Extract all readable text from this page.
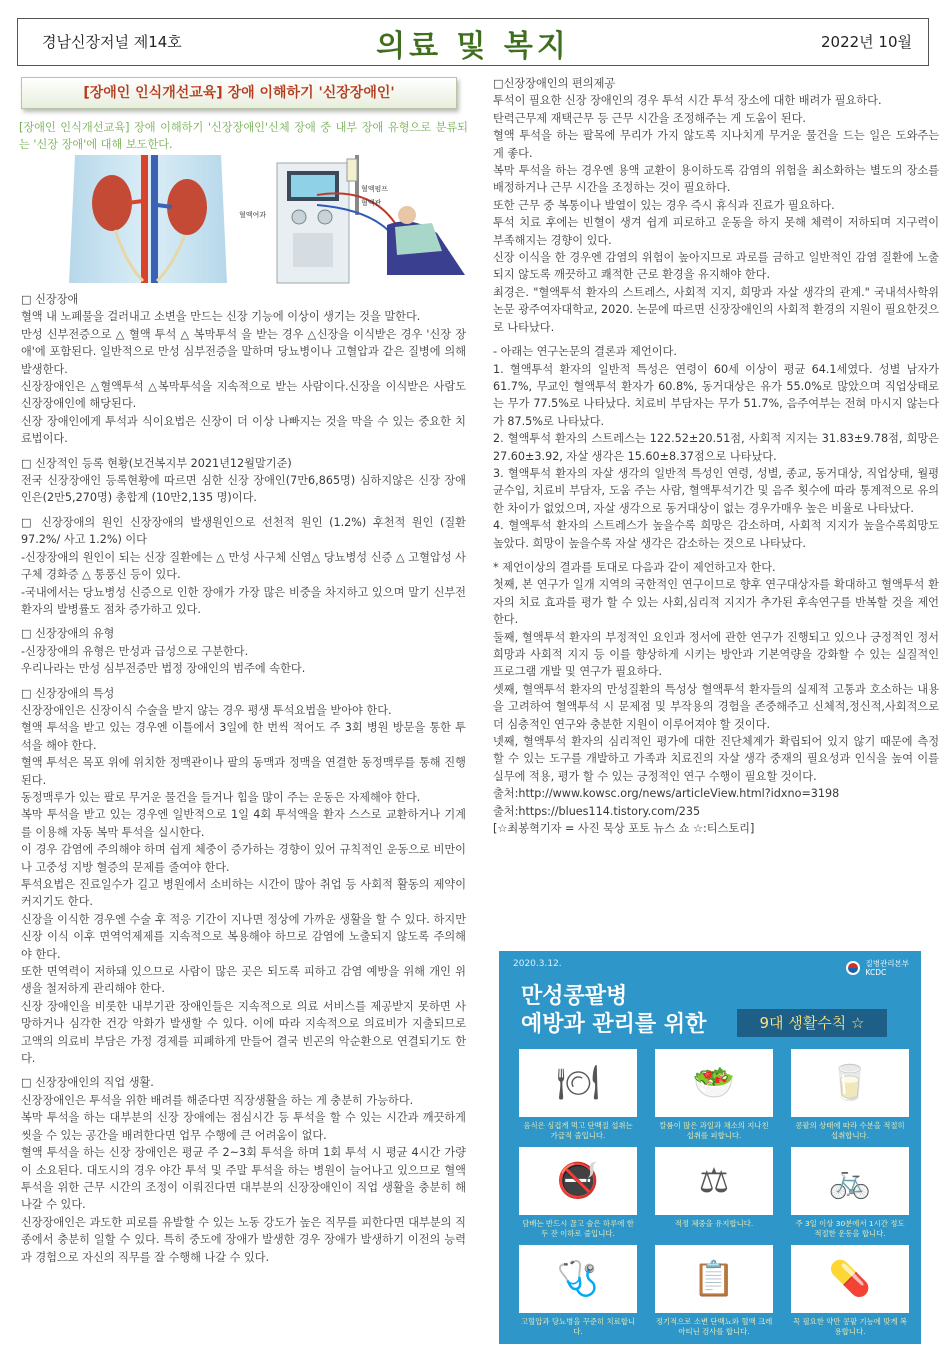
경남신장저널 제14호	의료 및 복지	2022년 10월
[장애인 인식개선교육] 장애 이해하기 '신장장애인'
[장애인 인식개선교육] 장애 이해하기 '신장장애인'신체 장애 중 내부 장애 유형으로 분류되는 '신장 장애'에 대해 보도한다.
혈액여과
혈액펌프
혈액관

□ 신장장애

혈액 내 노폐물을 걸러내고 소변을 만드는 신장 기능에 이상이 생기는 것을 말한다.

만성 신부전증으로 △ 혈액 투석 △ 복막투석 을 받는 경우 △신장을 이식받은 경우 '신장 장애'에 포함된다. 일반적으로 만성 심부전증을 말하며 당뇨병이나 고혈압과 같은 질병에 의해 발생한다.

신장장애인은 △혈액투석 △복막투석을 지속적으로 받는 사람이다.신장을 이식받은 사람도 신장장애인에 해당된다.

신장 장애인에게 투석과 식이요법은 신장이 더 이상 나빠지는 것을 막을 수 있는 중요한 치료법이다.

□ 신장적인 등록 현황(보건복지부 2021년12월말기준)

전국 신장장애인 등록현황에 따르면 심한 신장 장애인(7만6,865명) 심하지않은 신장 장애인은(2만5,270명) 총합계 (10만2,135 명)이다.

□ 신장장애의 원인 신장장애의 발생원인으로 선천적 원인 (1.2%) 후천적 원인 (질환97.2%/ 사고 1.2%) 이다

-신장장애의 원인이 되는 신장 질환에는 △ 만성 사구체 신염△ 당뇨병성 신증 △ 고혈압성 사구체 경화증 △ 통풍신 등이 있다.

-국내에서는 당뇨병성 신증으로 인한 장애가 가장 많은 비중을 차지하고 있으며 말기 신부전 환자의 발병률도 점차 증가하고 있다.

□ 신장장애의 유형

-신장장애의 유형은 만성과 급성으로 구분한다.

우리나라는 만성 심부전증만 법정 장애인의 범주에 속한다.

□ 신장장애의 특성

신장장애인은 신장이식 수술을 받지 않는 경우 평생 투석요법을 받아야 한다.

혈액 투석을 받고 있는 경우엔 이틀에서 3일에 한 번씩 적어도 주 3회 병원 방문을 통한 투석을 해야 한다.

혈액 투석은 목포 위에 위치한 정맥관이나 팔의 동맥과 정맥을 연결한 동정맥루를 통해 진행된다.

동정맥루가 있는 팔로 무거운 물건을 들거나 힘을 많이 주는 운동은 자제해야 한다.

복막 투석을 받고 있는 경우엔 일반적으로 1일 4회 투석액을 환자 스스로 교환하거나 기계를 이용해 자동 복막 투석을 실시한다.

이 경우 감염에 주의해야 하며 쉽게 체중이 증가하는 경향이 있어 규칙적인 운동으로 비만이나 고중성 지방 혈증의 문제를 줄여야 한다.

투석요법은 진료일수가 길고 병원에서 소비하는 시간이 많아 취업 등 사회적 활동의 제약이 커지기도 한다.

신장을 이식한 경우엔 수술 후 적응 기간이 지나면 정상에 가까운 생활을 할 수 있다. 하지만 신장 이식 이후 면역억제제를 지속적으로 복용해야 하므로 감염에 노출되지 않도록 주의해야 한다.

또한 면역력이 저하돼 있으므로 사람이 많은 곳은 되도록 피하고 감염 예방을 위해 개인 위생을 철저하게 관리해야 한다.

신장 장애인을 비롯한 내부기관 장애인들은 지속적으로 의료 서비스를 제공받지 못하면 사망하거나 심각한 건강 악화가 발생할 수 있다. 이에 따라 지속적으로 의료비가 지출되므로 고액의 의료비 부담은 가정 경제를 피폐하게 만들어 결국 빈곤의 악순환으로 연결되기도 한다.

□ 신장장애인의 직업 생활.

신장장애인은 투석을 위한 배려를 해준다면 직장생활을 하는 게 충분히 가능하다.

복막 투석을 하는 대부분의 신장 장애에는 점심시간 등 투석을 할 수 있는 시간과 깨끗하게 씻을 수 있는 공간을 배려한다면 업무 수행에 큰 어려움이 없다.

혈액 투석을 하는 신장 장애인은 평균 주 2~3회 투석을 하며 1회 투석 시 평균 4시간 가량이 소요된다. 대도시의 경우 야간 투석 및 주말 투석을 하는 병원이 늘어나고 있으므로 혈액 투석을 위한 근무 시간의 조정이 이뤄진다면 대부분의 신장장애인이 직업 생활을 충분히 해나갈 수 있다.

신장장애인은 과도한 피로를 유발할 수 있는 노동 강도가 높은 직무를 피한다면 대부분의 직종에서 충분히 일할 수 있다. 특히 중도에 장애가 발생한 경우 장애가 발생하기 이전의 능력과 경험으로 자신의 직무를 잘 수행해 나갈 수 있다.

□신장장애인의 편의제공

투석이 필요한 신장 장애인의 경우 투석 시간 투석 장소에 대한 배려가 필요하다.

탄력근무제 재택근무 등 근무 시간을 조정해주는 게 도움이 된다.

혈액 투석을 하는 팔목에 무리가 가지 않도록 지나치게 무거운 물건을 드는 일은 도와주는 게 좋다.

복막 투석을 하는 경우엔 용액 교환이 용이하도록 감염의 위험을 최소화하는 별도의 장소를 배정하거나 근무 시간을 조정하는 것이 필요하다.

또한 근무 중 복통이나 발열이 있는 경우 즉시 휴식과 진료가 필요하다.

투석 치료 후에는 빈혈이 생겨 쉽게 피로하고 운동을 하지 못해 체력이 저하되며 지구력이 부족해지는 경향이 있다.

신장 이식을 한 경우엔 감염의 위험이 높아지므로 과로를 금하고 일반적인 감염 질환에 노출되지 않도록 깨끗하고 쾌적한 근로 환경을 유지해야 한다.

최경은. "혈액투석 환자의 스트레스, 사회적 지지, 희망과 자살 생각의 관계." 국내석사학위논문 광주여자대학교, 2020. 논문에 따르면 신장장애인의 사회적 환경의 지원이 필요한것으로 나타났다.

- 아래는 연구논문의 결론과 제언이다.

1. 혈액투석 환자의 일반적 특성은 연령이 60세 이상이 평균 64.1세였다. 성별 남자가61.7%, 무교인 혈액투석 환자가 60.8%, 동거대상은 유가 55.0%로 많았으며 직업상태로는 무가 77.5%로 나타났다. 치료비 부담자는 무가 51.7%, 음주여부는 전혀 마시지 않는다가 87.5%로 나타났다.

2. 혈액투석 환자의 스트레스는 122.52±20.51점, 사회적 지지는 31.83±9.78점, 희망은27.60±3.92, 자살 생각은 15.60±8.37점으로 나타났다.

3. 혈액투석 환자의 자살 생각의 일반적 특성인 연령, 성별, 종교, 동거대상, 직업상태, 월평균수입, 치료비 부담자, 도움 주는 사람, 혈액투석기간 및 음주 횟수에 따라 통계적으로 유의한 차이가 없었으며, 자살 생각으로 동거대상이 없는 경우가매우 높은 비율로 나타났다.

4. 혈액투석 환자의 스트레스가 높을수록 희망은 감소하며, 사회적 지지가 높을수록희망도 높았다. 희망이 높을수록 자살 생각은 감소하는 것으로 나타났다.

* 제언이상의 결과를 토대로 다음과 같이 제언하고자 한다.

첫째, 본 연구가 일개 지역의 국한적인 연구이므로 향후 연구대상자를 확대하고 혈액투석 환자의 치료 효과를 평가 할 수 있는 사회,심리적 지지가 추가된 후속연구를 반복할 것을 제언한다.

둘째, 혈액투석 환자의 부정적인 요인과 정서에 관한 연구가 진행되고 있으나 긍정적인 정서 희망과 사회적 지지 등 이를 향상하게 시키는 방안과 기본역량을 강화할 수 있는 실질적인 프로그램 개발 및 연구가 필요하다.

셋째, 혈액투석 환자의 만성질환의 특성상 혈액투석 환자들의 실제적 고통과 호소하는 내용을 고려하여 혈액투석 시 문제점 및 부작용의 경험을 존중해주고 신체적,정신적,사회적으로 더 심층적인 연구와 충분한 지원이 이루어져야 할 것이다.

넷째, 혈액투석 환자의 심리적인 평가에 대한 진단체계가 확립되어 있지 않기 때문에 측정 할 수 있는 도구를 개발하고 가족과 치료진의 자살 생각 중재의 필요성과 인식을 높여 이를 실무에 적용, 평가 할 수 있는 긍정적인 연구 수행이 필요할 것이다.

출처:http://www.kowsc.org/news/articleView.html?idxno=3198

출처:https://blues114.tistory.com/235

[☆최봉혁기자 = 사진 묵상 포토 뉴스 쇼 ☆:티스토리]

2020.3.12.	질병관리본부
KCDC
만성콩팥병
예방과 관리를 위한	9대 생활수칙 ☆
🍽
음식은 싱겁게 먹고 단백질 섭취는 가급적 줄입니다.
🥗
칼륨이 많은 과일과 채소의 지나친 섭취를 피합니다.
🥛
콩팥의 상태에 따라 수분을 적절히 섭취합니다.
🚭
담배는 반드시 끊고 술은 하루에 한두 잔 이하로 줄입니다.
⚖
적정 체중을 유지합니다.
🚲
주 3일 이상 30분에서 1시간 정도 적절한 운동을 합니다.
🩺
고혈압과 당뇨병을 꾸준히 치료합니다.
📋
정기적으로 소변 단백뇨와 혈액 크레아티닌 검사를 합니다.
💊
꼭 필요한 약만 콩팥 기능에 맞게 복용합니다.
